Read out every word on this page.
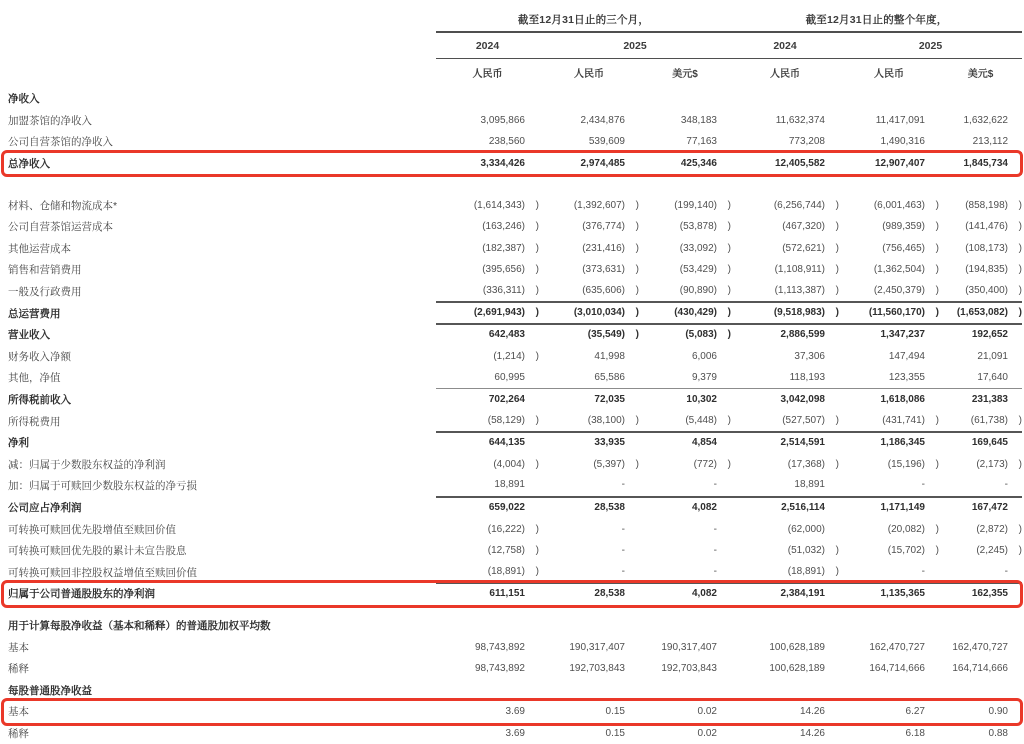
截至12月31日止的三个月，	截至12月31日止的整个年度，
2024	2025	2024	2025
人民币	人民币	美元$	人民币	人民币	美元$
净收入
加盟茶馆的净收入	3,095,866	2,434,876	348,183	11,632,374	11,417,091	1,632,622
公司自营茶馆的净收入	238,560	539,609	77,163	773,208	1,490,316	213,112
总净收入	3,334,426	2,974,485	425,346	12,405,582	12,907,407	1,845,734
材料、仓储和物流成本*	(1,614,343)	)	(1,392,607)	)	(199,140)	)	(6,256,744)	)	(6,001,463)	)	(858,198)	)
公司自营茶馆运营成本	(163,246)	)	(376,774)	)	(53,878)	)	(467,320)	)	(989,359)	)	(141,476)	)
其他运营成本	(182,387)	)	(231,416)	)	(33,092)	)	(572,621)	)	(756,465)	)	(108,173)	)
销售和营销费用	(395,656)	)	(373,631)	)	(53,429)	)	(1,108,911)	)	(1,362,504)	)	(194,835)	)
一般及行政费用	(336,311)	)	(635,606)	)	(90,890)	)	(1,113,387)	)	(2,450,379)	)	(350,400)	)
总运营费用	(2,691,943)	)	(3,010,034)	)	(430,429)	)	(9,518,983)	)	(11,560,170)	) (1,653,082)	)
营业收入	642,483	(35,549)	)	(5,083)	)	2,886,599	1,347,237	192,652
财务收入净额	(1,214)	)	41,998	6,006	37,306	147,494	21,091
其他，净值	60,995	65,586	9,379	118,193	123,355	17,640
所得税前收入	702,264	72,035	10,302	3,042,098	1,618,086	231,383
所得税费用	(58,129)	)	(38,100)	)	(5,448)	)	(527,507)	)	(431,741)	)	(61,738)	)
净利	644,135	33,935	4,854	2,514,591	1,186,345	169,645
减：归属于少数股东权益的净利润	(4,004)	)	(5,397)	)	(772)	)	(17,368)	)	(15,196)	)	(2,173)	)
加：归属于可赎回少数股东权益的净亏损	18,891	-	-	18,891	-	-
公司应占净利润	659,022	28,538	4,082	2,516,114	1,171,149	167,472
可转换可赎回优先股增值至赎回价值	(16,222)	)	-	-	(62,000)	(20,082)	)	(2,872)	)
可转换可赎回优先股的累计未宣告股息	(12,758)	)	-	-	(51,032)	)	(15,702)	)	(2,245)	)
可转换可赎回非控股权益增值至赎回价值	(18,891)	)	-	-	(18,891)	)	-	-
归属于公司普通股股东的净利润	611,151	28,538	4,082	2,384,191	1,135,365	162,355
用于计算每股净收益（基本和稀释）的普通股加权平均数
基本	98,743,892	190,317,407	190,317,407	100,628,189	162,470,727	162,470,727
稀释	98,743,892	192,703,843	192,703,843	100,628,189	164,714,666	164,714,666
每股普通股净收益
基本	3.69	0.15	0.02	14.26	6.27	0.90
稀释	3.69	0.15	0.02	14.26	6.18	0.88
